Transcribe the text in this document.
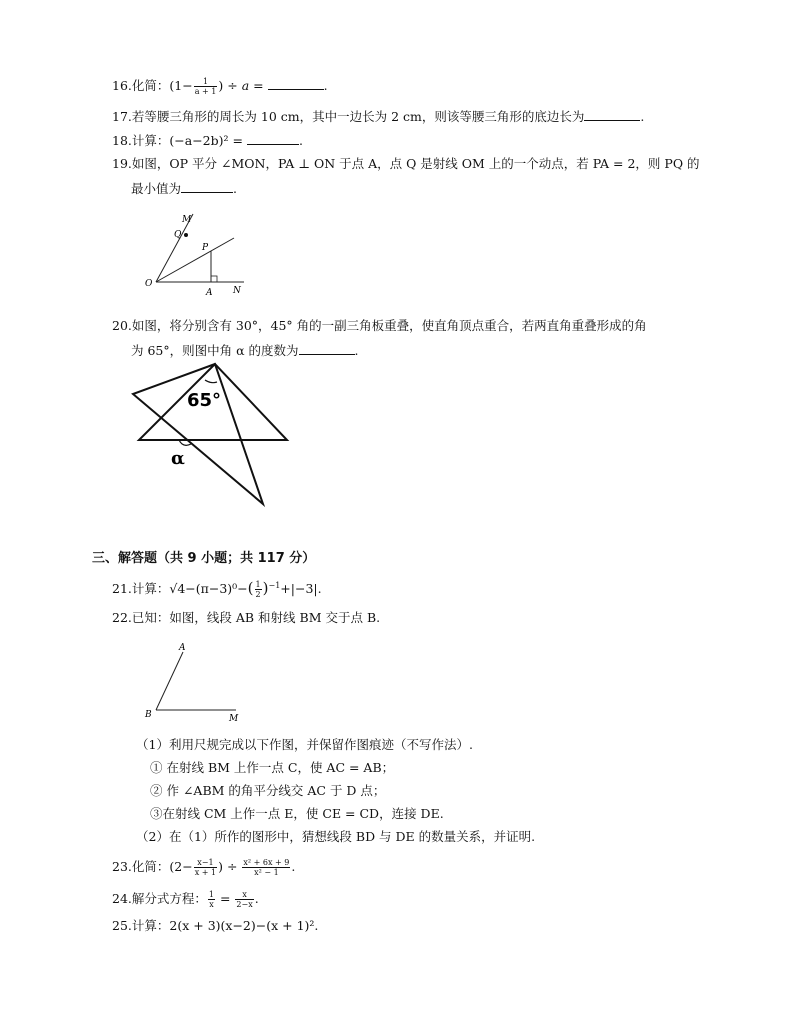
16.化简：($1- \frac{1}{a + 1}$ ) ÷ a =	.
17.若等腰三角形的周长为 10 cm，其中一边长为 2 cm，则该等腰三角形的底边长为	.
18.计算：(−a−2b)² =	.
19.如图，OP 平分 ∠MON，PA ⊥ ON 于点 A，点 Q 是射线 OM 上的一个动点，若 PA = 2，则 PQ 的
最小值为	.
M
Q
P
O
A N
20.如图，将分别含有 30°，45° 角的一副三角板重叠，使直角顶点重合，若两直角重叠形成的角
为 65°，则图中角 α 的度数为	.
65°
α
三、解答题（共 9 小题；共 117 分）
21.计算：$√4-(\pi-3)^0-( \frac{1}{2} )^{-1}+|-3|$.
22.已知：如图，线段 AB 和射线 BM 交于点 B.
A
B	M
（1）利用尺规完成以下作图，并保留作图痕迹（不写作法）.
① 在射线 BM 上作一点 C，使 AC = AB；
② 作 ∠ABM 的角平分线交 AC 于 D 点；
③在射线 CM 上作一点 E，使 CE = CD，连接 DE.
（2）在（1）所作的图形中，猜想线段 BD 与 DE 的数量关系，并证明.
23.化简：($2- \frac{x-1}{x + 1}$ ) ÷ $\frac{\text{x² + 6x + 9}}{\text{x² − 1}}$ .
24.解分式方程： $\frac{1}{x} = \frac{x}{2-x}$ .
25.计算：2(x + 3)(x−2)−(x + 1)².
